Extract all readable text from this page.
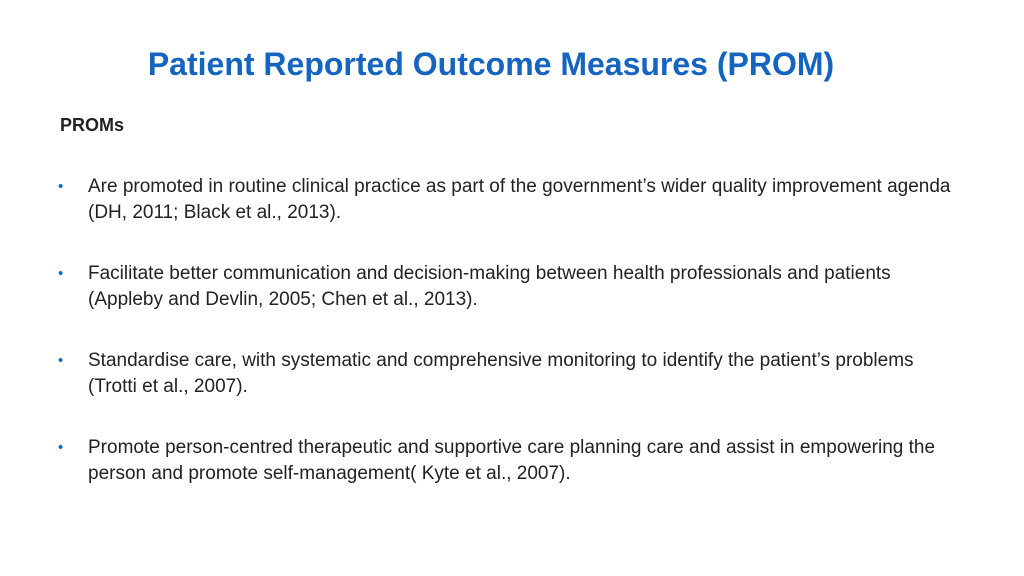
Patient Reported Outcome Measures (PROM)
PROMs
• Are promoted in routine clinical practice as part of the government’s wider quality improvement agenda (DH, 2011; Black et al., 2013).
• Facilitate better communication and decision-making between health professionals and patients (Appleby and Devlin, 2005; Chen et al., 2013).
• Standardise care, with systematic and comprehensive monitoring to identify the patient’s problems (Trotti et al., 2007).
• Promote person-centred therapeutic and supportive care planning care and assist in empowering the person and promote self-management( Kyte et al., 2007).
